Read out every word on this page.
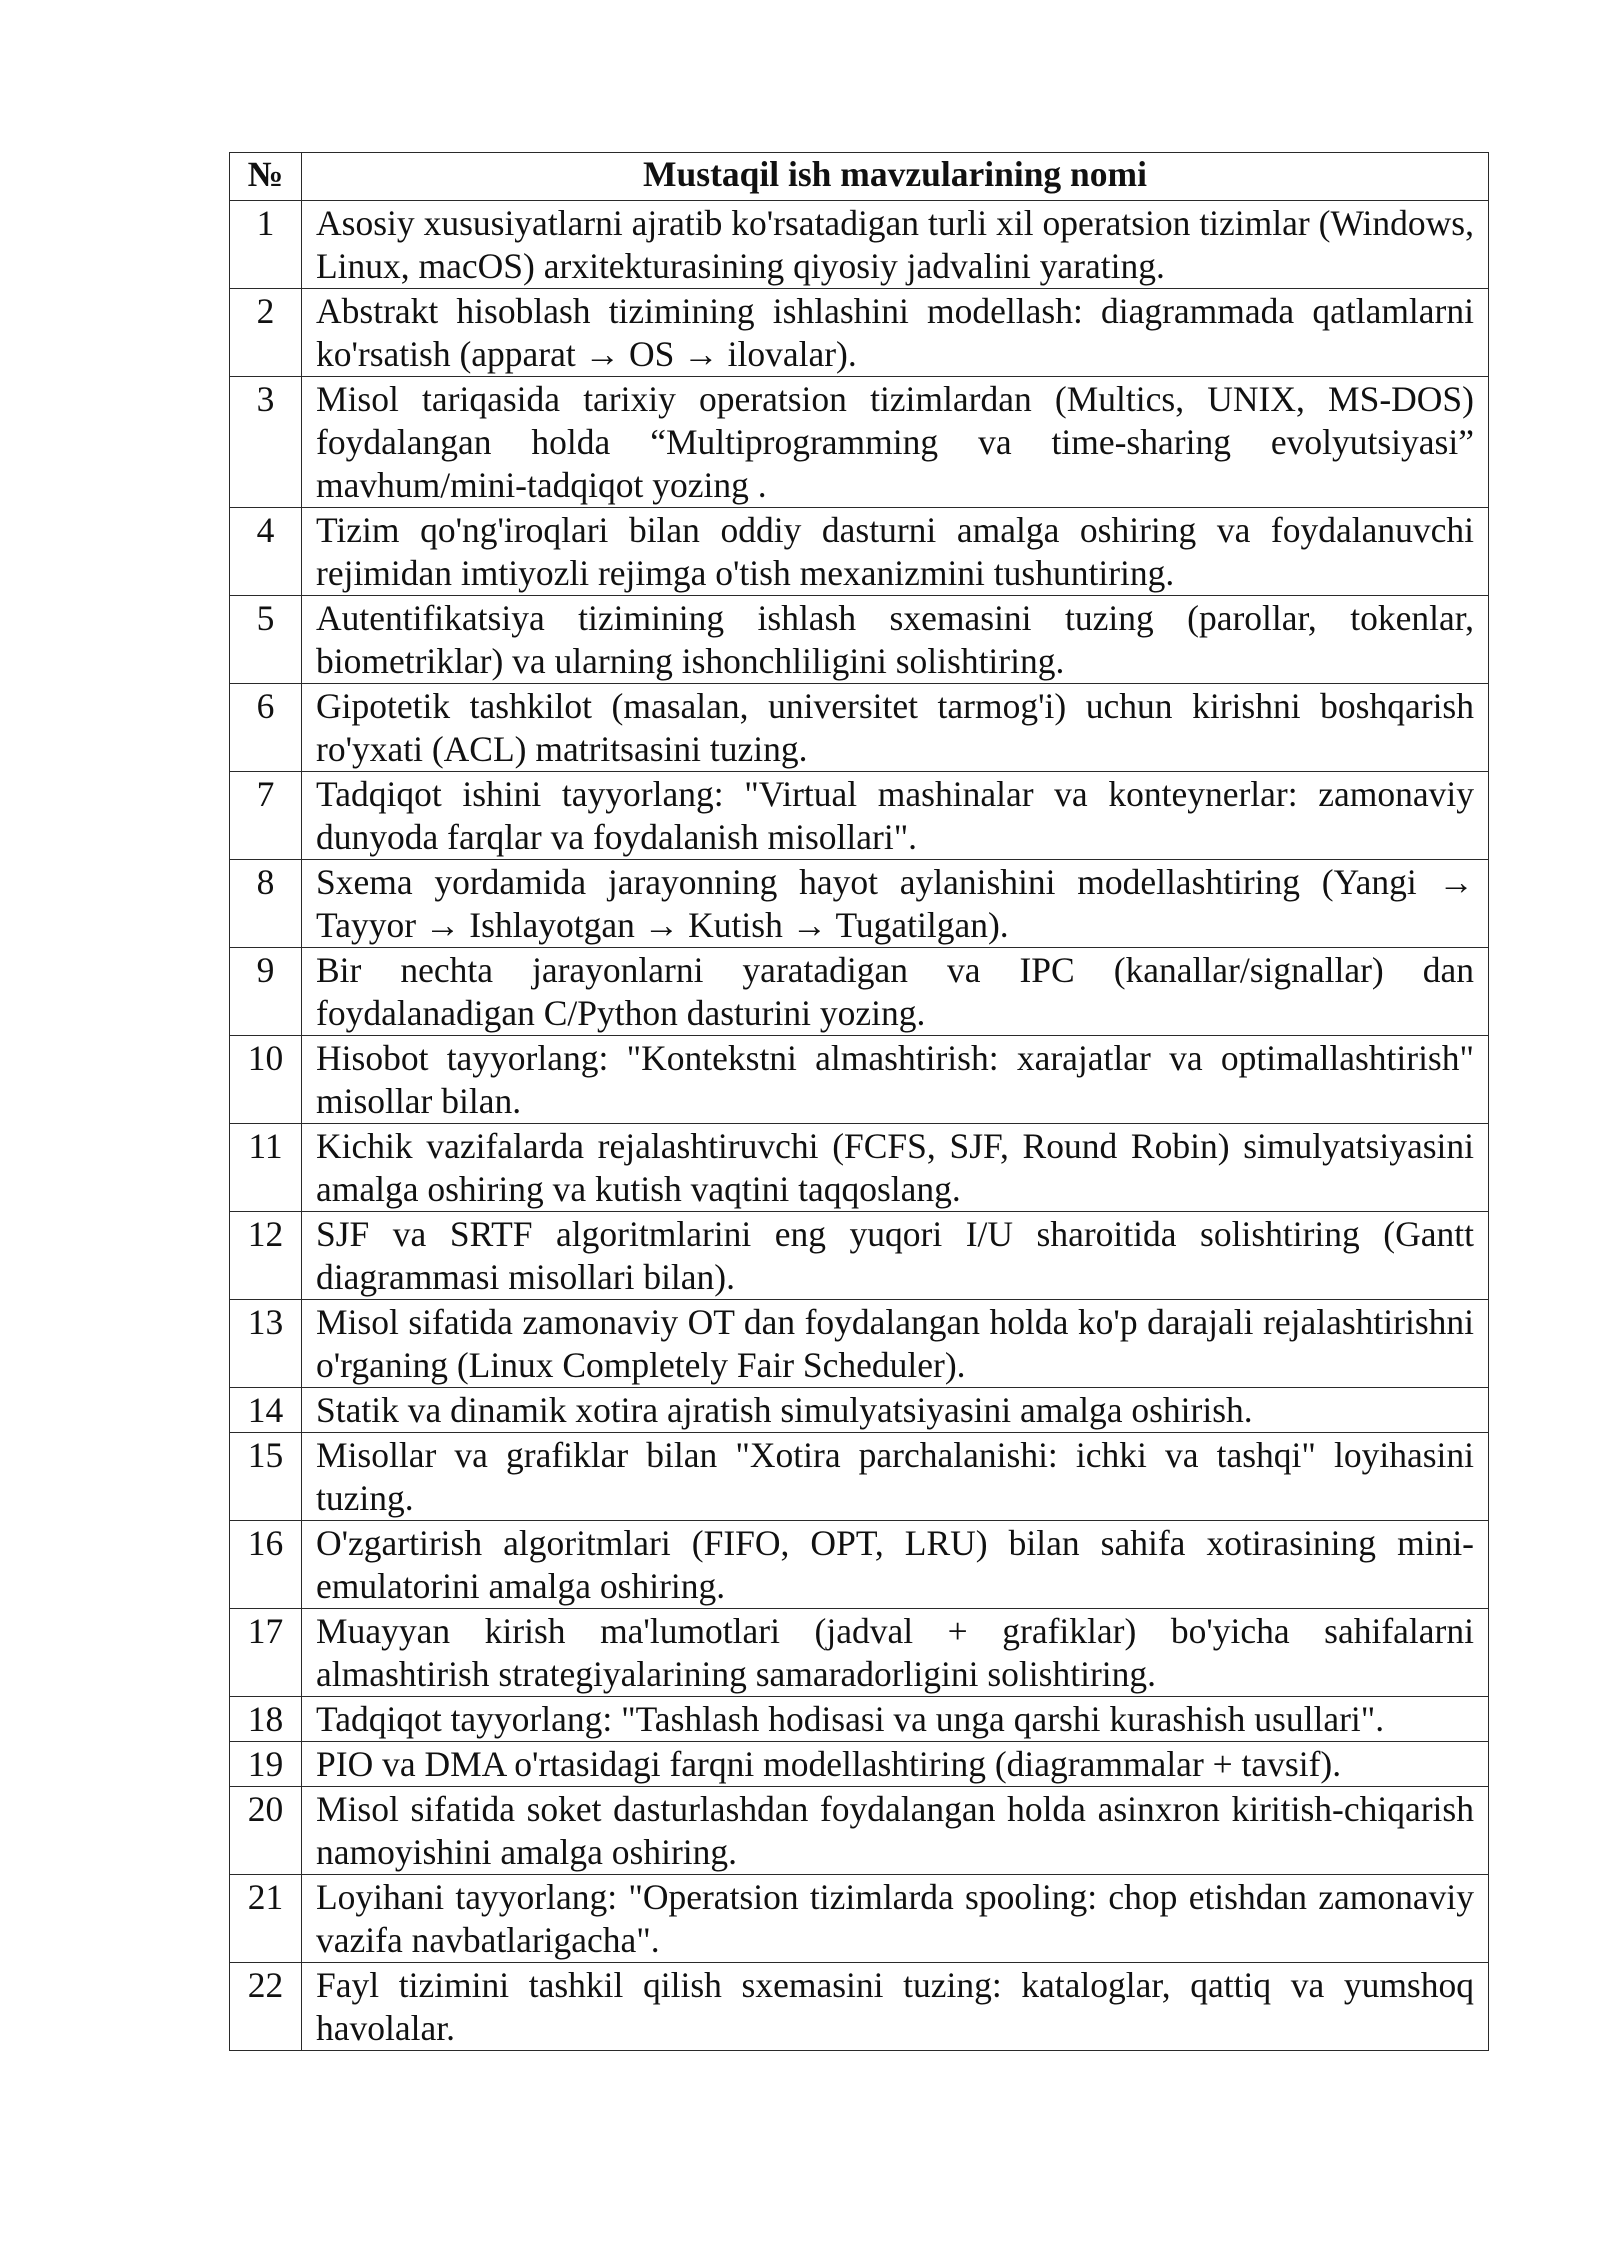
№	Mustaqil ish mavzularining nomi
1	Asosiy xususiyatlarni ajratib ko'rsatadigan turli xil operatsion tizimlar (Windows, Linux, macOS) arxitekturasining qiyosiy jadvalini yarating.
2	Abstrakt hisoblash tizimining ishlashini modellash: diagrammada qatlamlarni ko'rsatish (apparat → OS → ilovalar).
3	Misol tariqasida tarixiy operatsion tizimlardan (Multics, UNIX, MS-DOS) foydalangan holda “Multiprogramming va time-sharing evolyutsiyasi” mavhum/mini-tadqiqot yozing .
4	Tizim qo'ng'iroqlari bilan oddiy dasturni amalga oshiring va foydalanuvchi rejimidan imtiyozli rejimga o'tish mexanizmini tushuntiring.
5	Autentifikatsiya tizimining ishlash sxemasini tuzing (parollar, tokenlar, biometriklar) va ularning ishonchliligini solishtiring.
6	Gipotetik tashkilot (masalan, universitet tarmog'i) uchun kirishni boshqarish ro'yxati (ACL) matritsasini tuzing.
7	Tadqiqot ishini tayyorlang: "Virtual mashinalar va konteynerlar: zamonaviy dunyoda farqlar va foydalanish misollari".
8	Sxema yordamida jarayonning hayot aylanishini modellashtiring (Yangi → Tayyor → Ishlayotgan → Kutish → Tugatilgan).
9	Bir nechta jarayonlarni yaratadigan va IPC (kanallar/signallar) dan foydalanadigan C/Python dasturini yozing.
10	Hisobot tayyorlang: "Kontekstni almashtirish: xarajatlar va optimallashtirish" misollar bilan.
11	Kichik vazifalarda rejalashtiruvchi (FCFS, SJF, Round Robin) simulyatsiyasini amalga oshiring va kutish vaqtini taqqoslang.
12	SJF va SRTF algoritmlarini eng yuqori I/U sharoitida solishtiring (Gantt diagrammasi misollari bilan).
13	Misol sifatida zamonaviy OT dan foydalangan holda ko'p darajali rejalashtirishni o'rganing (Linux Completely Fair Scheduler).
14	Statik va dinamik xotira ajratish simulyatsiyasini amalga oshirish.
15	Misollar va grafiklar bilan "Xotira parchalanishi: ichki va tashqi" loyihasini tuzing.
16	O'zgartirish algoritmlari (FIFO, OPT, LRU) bilan sahifa xotirasining mini-emulatorini amalga oshiring.
17	Muayyan kirish ma'lumotlari (jadval + grafiklar) bo'yicha sahifalarni almashtirish strategiyalarining samaradorligini solishtiring.
18	Tadqiqot tayyorlang: "Tashlash hodisasi va unga qarshi kurashish usullari".
19	PIO va DMA o'rtasidagi farqni modellashtiring (diagrammalar + tavsif).
20	Misol sifatida soket dasturlashdan foydalangan holda asinxron kiritish-chiqarish namoyishini amalga oshiring.
21	Loyihani tayyorlang: "Operatsion tizimlarda spooling: chop etishdan zamonaviy vazifa navbatlarigacha".
22	Fayl tizimini tashkil qilish sxemasini tuzing: kataloglar, qattiq va yumshoq havolalar.
